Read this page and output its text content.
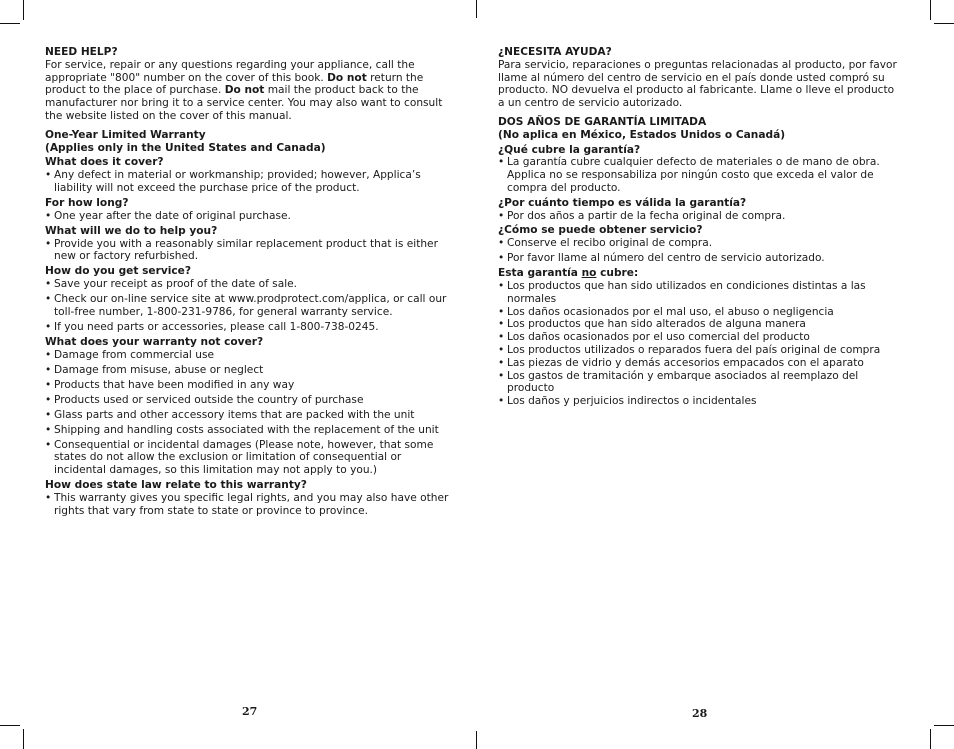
NEED HELP?

For service, repair or any questions regarding your appliance, call the appropriate "800" number on the cover of this book. Do not return the product to the place of purchase. Do not mail the product back to the manufacturer nor bring it to a service center. You may also want to consult the website listed on the cover of this manual.

One-Year Limited Warranty

(Applies only in the United States and Canada)

What does it cover?

• Any defect in material or workmanship; provided; however, Applica’s liability will not exceed the purchase price of the product.

For how long?

• One year after the date of original purchase.

What will we do to help you?

• Provide you with a reasonably similar replacement product that is either new or factory refurbished.

How do you get service?

• Save your receipt as proof of the date of sale.
• Check our on-line service site at www.prodprotect.com/applica, or call our toll-free number, 1-800-231-9786, for general warranty service.
• If you need parts or accessories, please call 1-800-738-0245.

What does your warranty not cover?

• Damage from commercial use
• Damage from misuse, abuse or neglect
• Products that have been modified in any way
• Products used or serviced outside the country of purchase
• Glass parts and other accessory items that are packed with the unit
• Shipping and handling costs associated with the replacement of the unit
• Consequential or incidental damages (Please note, however, that some states do not allow the exclusion or limitation of consequential or incidental damages, so this limitation may not apply to you.)

How does state law relate to this warranty?

• This warranty gives you specific legal rights, and you may also have other rights that vary from state to state or province to province.
27

¿NECESITA AYUDA?

Para servicio, reparaciones o preguntas relacionadas al producto, por favor llame al número del centro de servicio en el país donde usted compró su producto. NO devuelva el producto al fabricante. Llame o lleve el producto a un centro de servicio autorizado.

DOS AÑOS DE GARANTÍA LIMITADA

(No aplica en México, Estados Unidos o Canadá)

¿Qué cubre la garantía?

• La garantía cubre cualquier defecto de materiales o de mano de obra. Applica no se responsabiliza por ningún costo que exceda el valor de compra del producto.

¿Por cuánto tiempo es válida la garantía?

• Por dos años a partir de la fecha original de compra.

¿Cómo se puede obtener servicio?

• Conserve el recibo original de compra.
• Por favor llame al número del centro de servicio autorizado.

Esta garantía no cubre:

• Los productos que han sido utilizados en condiciones distintas a las normales
• Los daños ocasionados por el mal uso, el abuso o negligencia
• Los productos que han sido alterados de alguna manera
• Los daños ocasionados por el uso comercial del producto
• Los productos utilizados o reparados fuera del país original de compra
• Las piezas de vidrio y demás accesorios empacados con el aparato
• Los gastos de tramitación y embarque asociados al reemplazo del producto
• Los daños y perjuicios indirectos o incidentales
28
